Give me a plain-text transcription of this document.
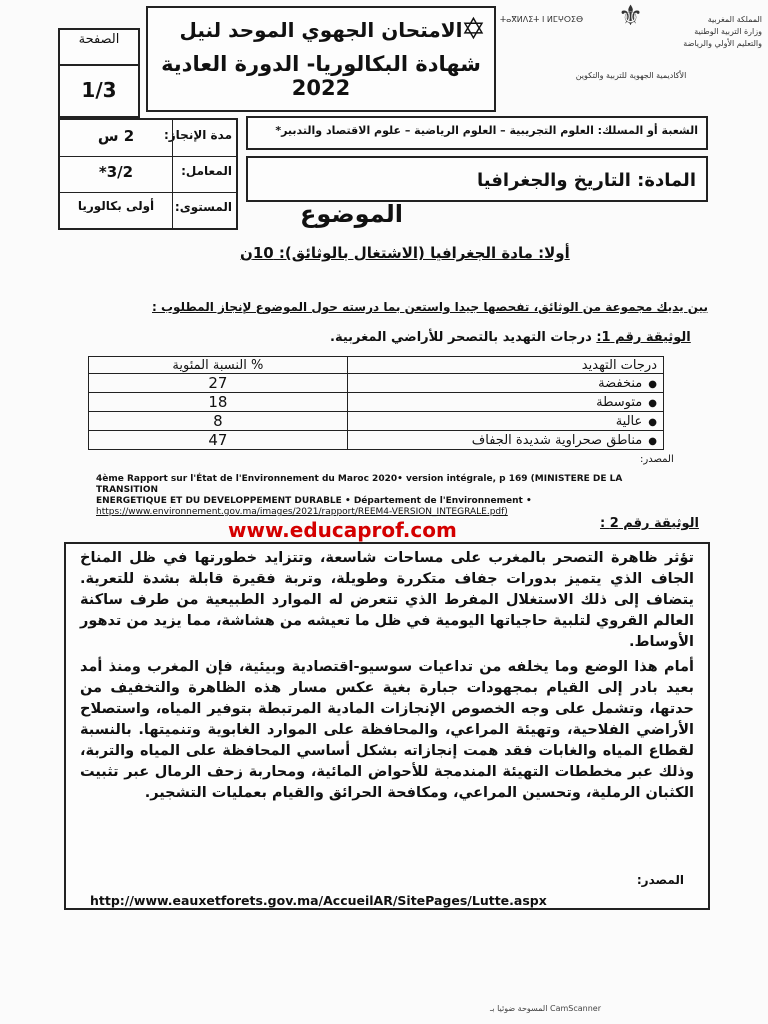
الصفحة
1/3
✡
الامتحان الجهوي الموحد لنيل
شهادة البكالوريا- الدورة العادية 2022
⚜	المملكة المغربية
وزارة التربية الوطنية
والتعليم الأولي والرياضة
ⵜⴰⴳⵍⴷⵉⵜ ⵏ ⵍⵎⵖⵔⵉⴱ
الأكاديمية الجهوية للتربية والتكوين
مدة الإنجاز:
2 س
المعامل:
3/2*
المستوى:
أولى بكالوريا
الشعبة أو المسلك: العلوم التجريبية – العلوم الرياضية – علوم الاقتصاد والتدبير*
المادة: التاريخ والجغرافيا
الموضوع
أولا: مادة الجغرافيا (الاشتغال بالوثائق): 10ن
بين يديك مجموعة من الوثائق، تفحصها جيدا واستعن بما درسته حول الموضوع لإنجاز المطلوب :
الوثيقة رقم 1: درجات التهديد بالتصحر للأراضي المغربية.
النسبة المئوية %	درجات التهديد
27	●منخفضة
18	●متوسطة
8	●عالية
47	●مناطق صحراوية شديدة الجفاف
المصدر:
4ème Rapport sur l'État de l'Environnement du Maroc 2020• version intégrale, p 169 (MINISTERE DE LA TRANSITION
ENERGETIQUE ET DU DEVELOPPEMENT DURABLE • Département de l'Environnement •
https://www.environnement.gov.ma/images/2021/rapport/REEM4-VERSION_INTEGRALE.pdf)
www.educaprof.com	الوثيقة رقم 2 :

تؤثر ظاهرة التصحر بالمغرب على مساحات شاسعة، وتتزايد خطورتها في ظل المناخ الجاف الذي يتميز بدورات جفاف متكررة وطويلة، وتربة فقيرة قابلة بشدة للتعرية. يتضاف إلى ذلك الاستغلال المفرط الذي تتعرض له الموارد الطبيعية من طرف ساكنة العالم القروي لتلبية حاجياتها اليومية في ظل ما تعيشه من هشاشة، مما يزيد من تدهور الأوساط.

أمام هذا الوضع وما يخلفه من تداعيات سوسيو-اقتصادية وبيئية، فإن المغرب ومنذ أمد بعيد بادر إلى القيام بمجهودات جبارة بغية عكس مسار هذه الظاهرة والتخفيف من حدتها، وتشمل على وجه الخصوص الإنجازات المادية المرتبطة بتوفير المياه، واستصلاح الأراضي الفلاحية، وتهيئة المراعي، والمحافظة على الموارد الغابوية وتنميتها. بالنسبة لقطاع المياه والغابات فقد همت إنجازاته بشكل أساسي المحافظة على المياه والتربة، وذلك عبر مخططات التهيئة المندمجة للأحواض المائية، ومحاربة زحف الرمال عبر تثبيت الكثبان الرملية، وتحسين المراعي، ومكافحة الحرائق والقيام بعمليات التشجير.

المصدر:
http://www.eauxetforets.gov.ma/AccueilAR/SitePages/Lutte.aspx
المسوحة ضوئيا بـ CamScanner
